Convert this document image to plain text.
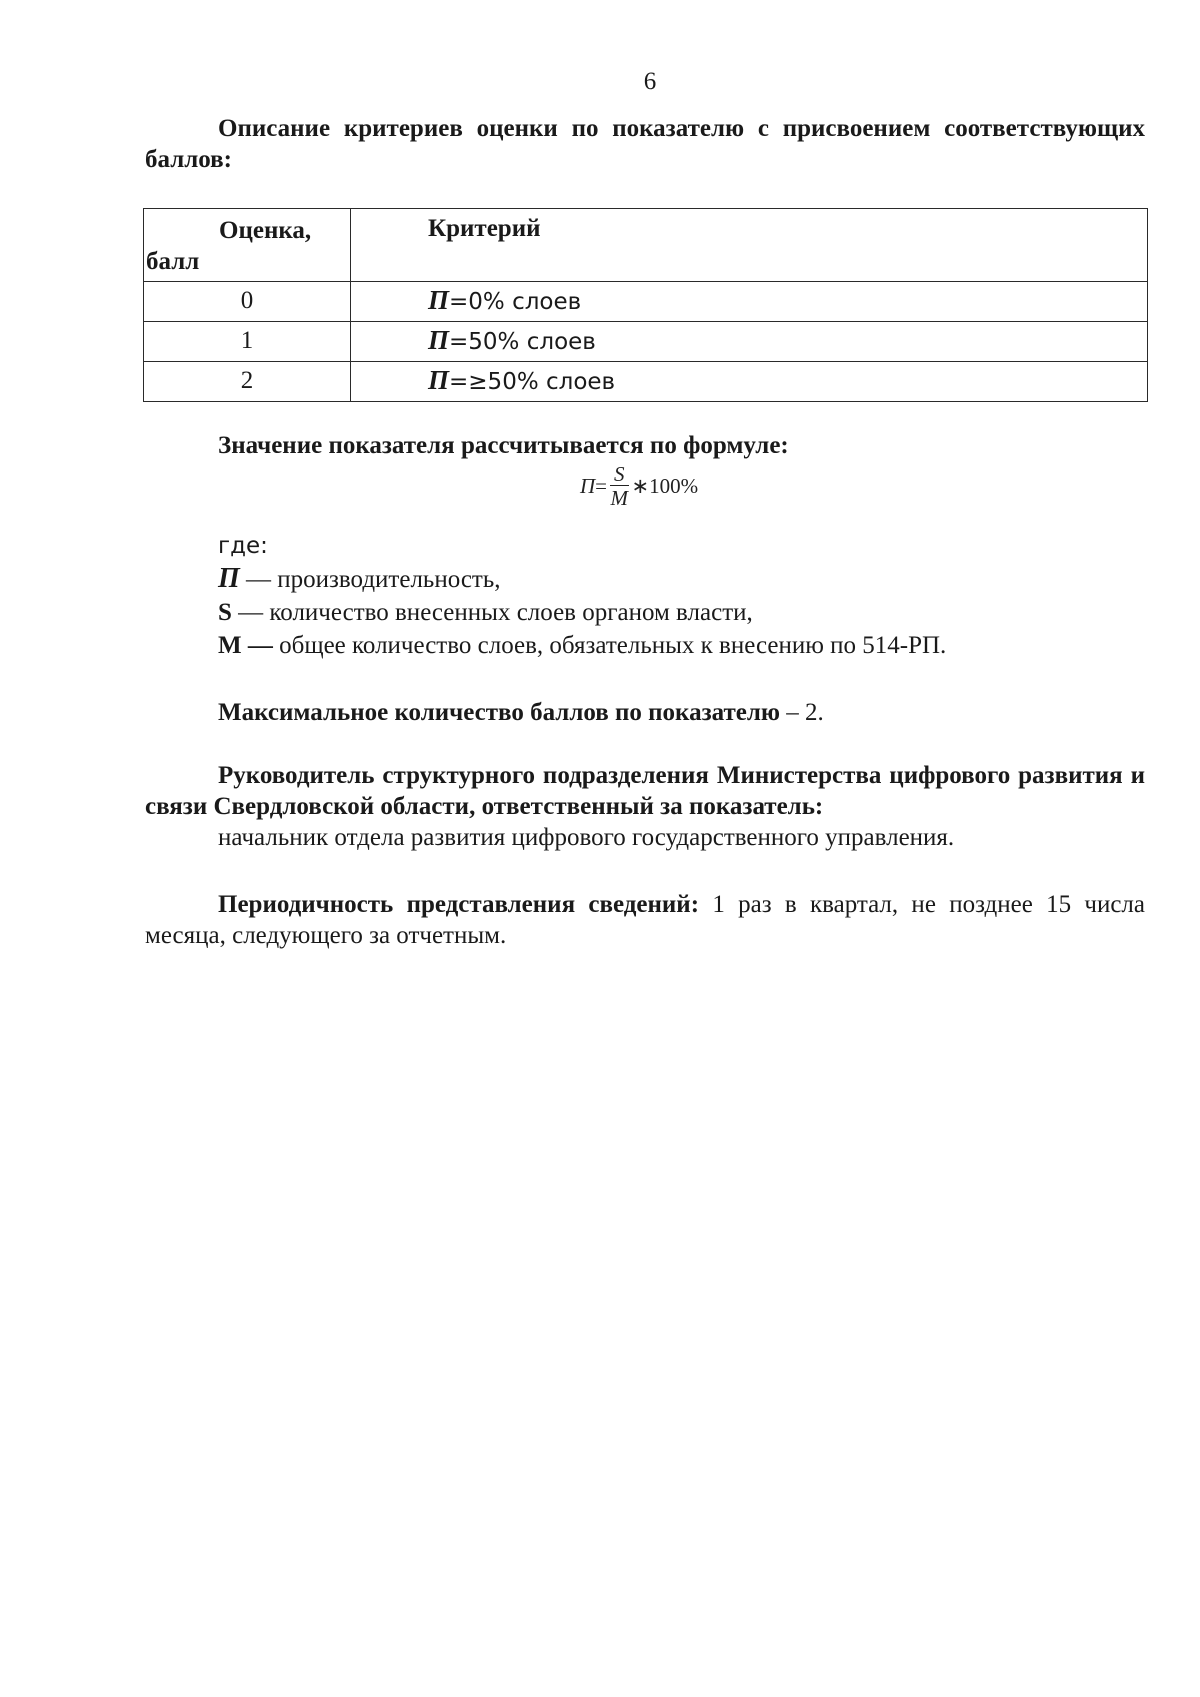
6
Описание критериев оценки по показателю с присвоением соответствующих баллов:
Оценка,
балл	Критерий

0	П=0% слоев
1	П=50% слоев
2	П=≥50% слоев
Значение показателя рассчитывается по формуле:
$П = \frac{S}{M}$ ∗100%
где:
П — производительность,
S — количество внесенных слоев органом власти,
M — общее количество слоев, обязательных к внесению по 514-РП.
Максимальное количество баллов по показателю – 2.
Руководитель структурного подразделения Министерства цифрового развития и связи Свердловской области, ответственный за показатель:
начальник отдела развития цифрового государственного управления.
Периодичность представления сведений: 1 раз в квартал, не позднее 15 числа месяца, следующего за отчетным.
